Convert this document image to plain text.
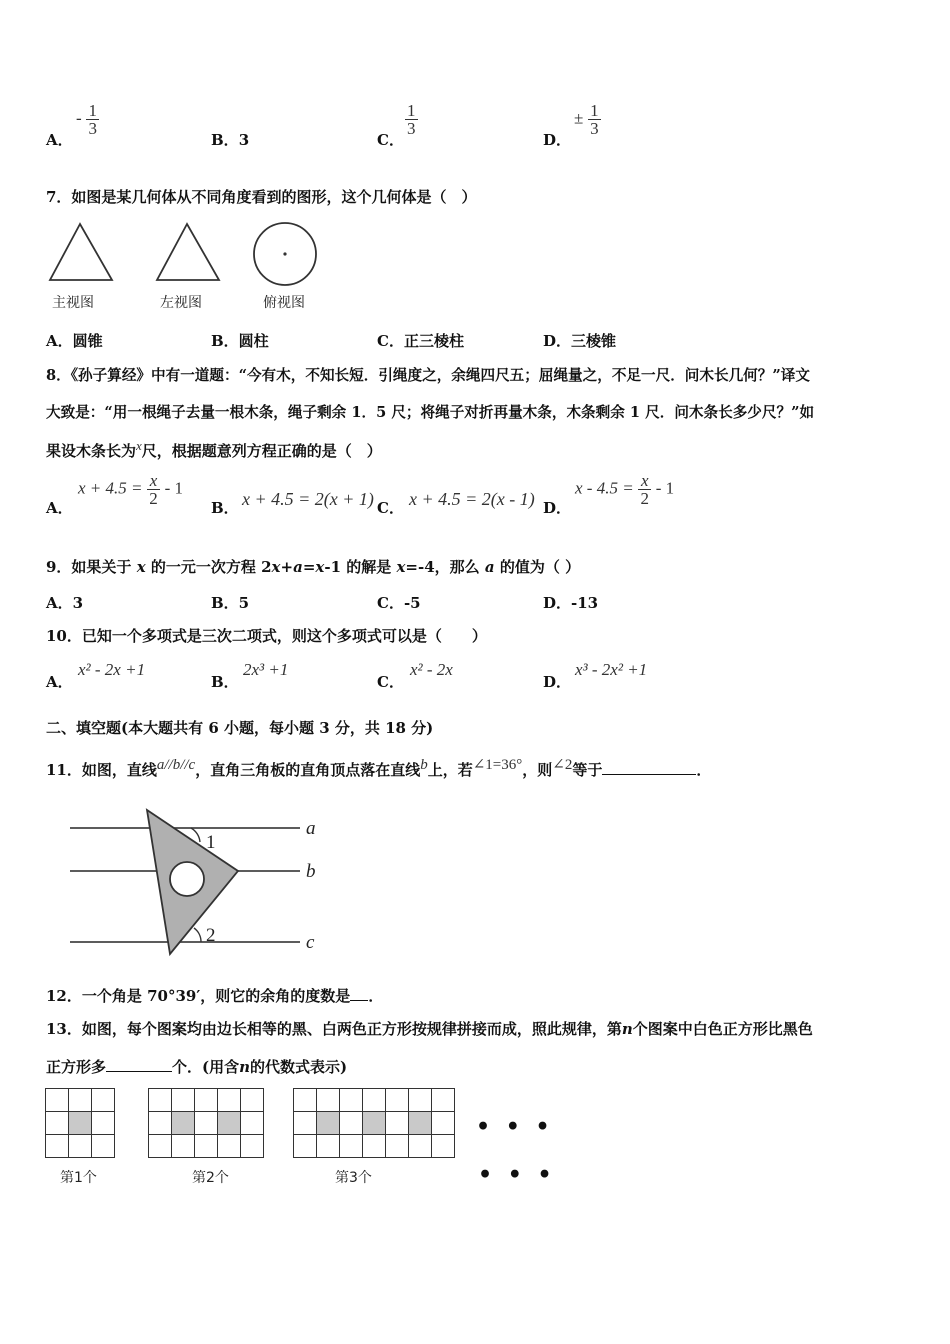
A．
- $\frac{1}{3}$
B．3	C．
$\frac{1}{3}$
D．
± $\frac{1}{3}$
7．如图是某几何体从不同角度看到的图形，这个几何体是（　）
主视图	左视图	俯视图
A．圆锥	B．圆柱	C．正三棱柱	D．三棱锥
8．《孙子算经》中有一道题：“今有木，不知长短．引绳度之，余绳四尺五；屈绳量之，不足一尺．问木长几何？”译文
大致是：“用一根绳子去量一根木条，绳子剩余 1．5 尺；将绳子对折再量木条，木条剩余 1 尺．问木条长多少尺？”如
果设木条长为$^x$尺，根据题意列方程正确的是（　）
A．
$x + 4.5 = \frac{x}{2} - 1$
B． x + 4.5 = 2(x + 1) C． x + 4.5 = 2(x - 1) D．
$x - 4.5 = \frac{x}{2} - 1$
9．如果关于 x 的一元一次方程 2x+a=x-1 的解是 x=-4，那么 a 的值为（ ）
A．3	B．5	C．-5	D．-13
10．已知一个多项式是三次二项式，则这个多项式可以是（　　）
A．
x² - 2x +1
B．
2x³ +1
C．
x² - 2x
D．
x³ - 2x² +1
二、填空题(本大题共有 6 小题，每小题 3 分，共 18 分)
11．如图，直线$^{a//b//c}$，直角三角板的直角顶点落在直线$^b$上，若$^{\angle 1=36^\circ}$，则$^{\angle 2}$等于	．
1
2
a
b
c
12．一个角是 70°39′，则它的余角的度数是 ．
13．如图，每个图案均由边长相等的黑、白两色正方形按规律拼接而成，照此规律，第n个图案中白色正方形比黑色
正方形多	个．(用含n的代数式表示)

第1个	第2个	第3个
• • •
• • •
